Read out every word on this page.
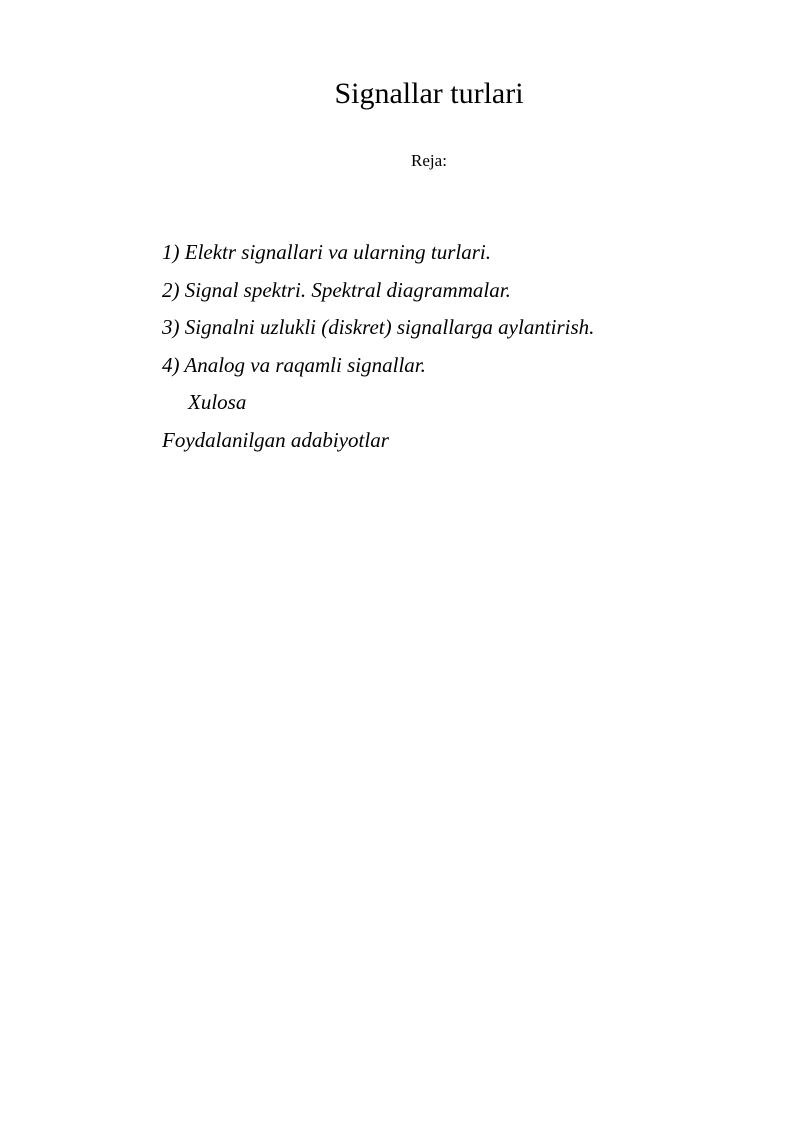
Signallar turlari

Reja:

1) Elektr signallari va ularning turlari.
2) Signal spektri. Spektral diagrammalar.
3) Signalni uzlukli (diskret) signallarga aylantirish.
4) Analog va raqamli signallar.
Xulosa
Foydalanilgan adabiyotlar
